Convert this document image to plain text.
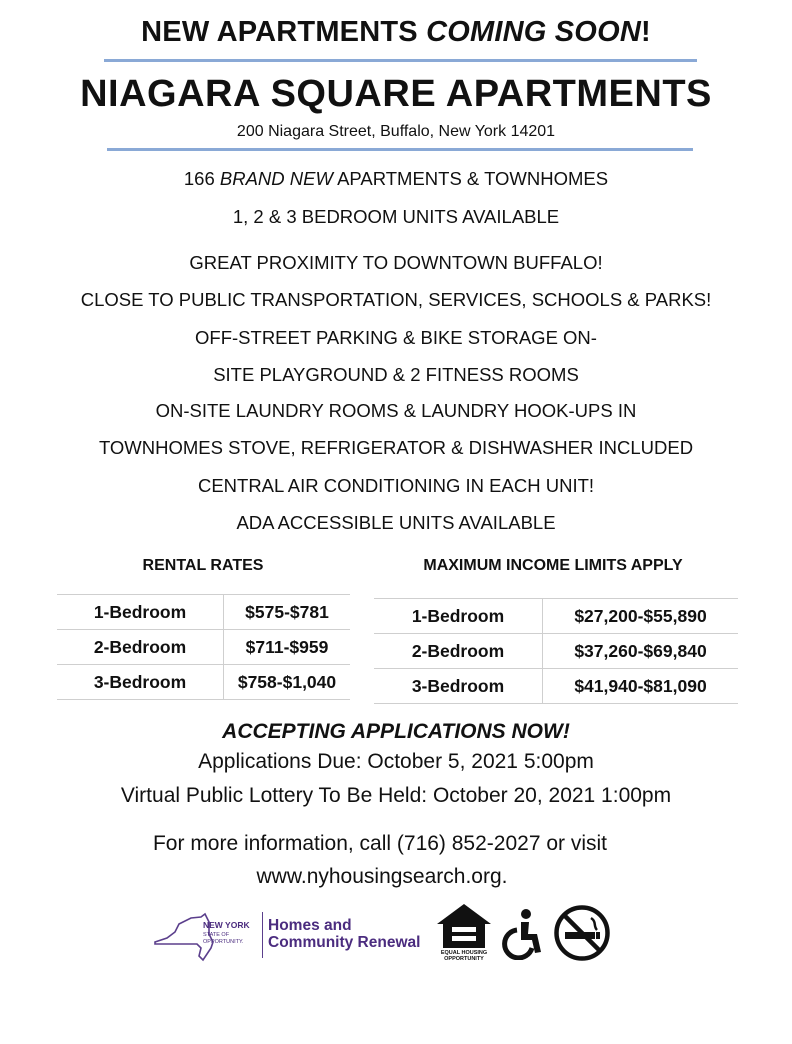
NEW APARTMENTS COMING SOON!
NIAGARA SQUARE APARTMENTS
200 Niagara Street, Buffalo, New York 14201
166 BRAND NEW APARTMENTS & TOWNHOMES
1, 2 & 3 BEDROOM UNITS AVAILABLE
GREAT PROXIMITY TO DOWNTOWN BUFFALO!
CLOSE TO PUBLIC TRANSPORTATION, SERVICES, SCHOOLS & PARKS!
OFF-STREET PARKING & BIKE STORAGE ON-
SITE PLAYGROUND & 2 FITNESS ROOMS
ON-SITE LAUNDRY ROOMS & LAUNDRY HOOK-UPS IN
TOWNHOMES STOVE, REFRIGERATOR & DISHWASHER INCLUDED
CENTRAL AIR CONDITIONING IN EACH UNIT!
ADA ACCESSIBLE UNITS AVAILABLE
RENTAL RATES
1-Bedroom	$575-$781
2-Bedroom	$711-$959
3-Bedroom	$758-$1,040
MAXIMUM INCOME LIMITS APPLY
1-Bedroom	$27,200-$55,890
2-Bedroom	$37,260-$69,840
3-Bedroom	$41,940-$81,090
ACCEPTING APPLICATIONS NOW!
Applications Due: October 5, 2021 5:00pm
Virtual Public Lottery To Be Held: October 20, 2021 1:00pm
For more information, call (716) 852-2027 or visit
www.nyhousingsearch.org.
NEW YORK
STATE OF
OPPORTUNITY.
Homes and
Community Renewal
EQUAL HOUSING
OPPORTUNITY
